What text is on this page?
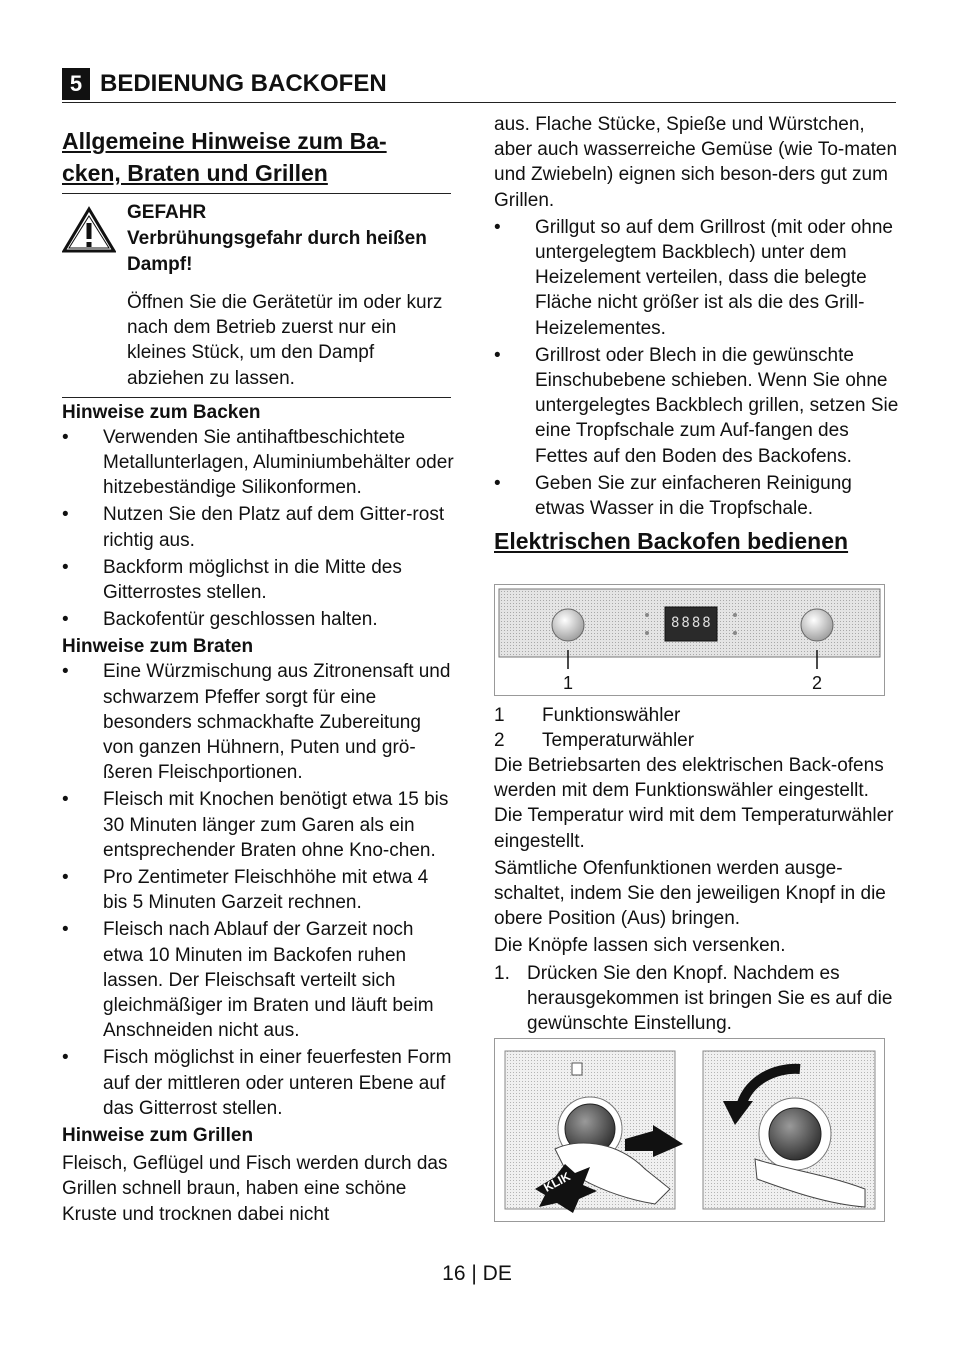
5 BEDIENUNG BACKOFEN
Allgemeine Hinweise zum Ba-
cken, Braten und Grillen
GEFAHR
Verbrühungsgefahr durch heißen Dampf!

Öffnen Sie die Gerätetür im oder kurz nach dem Betrieb zuerst nur ein kleines Stück, um den Dampf abziehen zu lassen.

Hinweise zum Backen
• Verwenden Sie antihaftbeschichtete Metallunterlagen, Aluminiumbehälter oder hitzebeständige Silikonformen.
• Nutzen Sie den Platz auf dem Gitter-rost richtig aus.
• Backform möglichst in die Mitte des Gitterrostes stellen.
• Backofentür geschlossen halten.
Hinweise zum Braten
• Eine Würzmischung aus Zitronensaft und schwarzem Pfeffer sorgt für eine besonders schmackhafte Zubereitung von ganzen Hühnern, Puten und grö-ßeren Fleischportionen.
• Fleisch mit Knochen benötigt etwa 15 bis 30 Minuten länger zum Garen als ein entsprechender Braten ohne Kno-chen.
• Pro Zentimeter Fleischhöhe mit etwa 4 bis 5 Minuten Garzeit rechnen.
• Fleisch nach Ablauf der Garzeit noch etwa 10 Minuten im Backofen ruhen lassen. Der Fleischsaft verteilt sich gleichmäßiger im Braten und läuft beim Anschneiden nicht aus.
• Fisch möglichst in einer feuerfesten Form auf der mittleren oder unteren Ebene auf das Gitterrost stellen.
Hinweise zum Grillen

Fleisch, Geflügel und Fisch werden durch das Grillen schnell braun, haben eine schöne Kruste und trocknen dabei nicht

aus. Flache Stücke, Spieße und Würstchen, aber auch wasserreiche Gemüse (wie To-maten und Zwiebeln) eignen sich beson-ders gut zum Grillen.

• Grillgut so auf dem Grillrost (mit oder ohne untergelegtem Backblech) unter dem Heizelement verteilen, dass die belegte Fläche nicht größer ist als die des Grill-Heizelementes.
• Grillrost oder Blech in die gewünschte Einschubebene schieben. Wenn Sie ohne untergelegtes Backblech grillen, setzen Sie eine Tropfschale zum Auf-fangen des Fettes auf den Boden des Backofens.
• Geben Sie zur einfacheren Reinigung etwas Wasser in die Tropfschale.
Elektrischen Backofen bedienen
8888
1	2
1 Funktionswähler
2 Temperaturwähler

Die Betriebsarten des elektrischen Back-ofens werden mit dem Funktionswähler eingestellt. Die Temperatur wird mit dem Temperaturwähler eingestellt.

Sämtliche Ofenfunktionen werden ausge-schaltet, indem Sie den jeweiligen Knopf in die obere Position (Aus) bringen.

Die Knöpfe lassen sich versenken.

1. Drücken Sie den Knopf. Nachdem es herausgekommen ist bringen Sie es auf die gewünschte Einstellung.

KLIK
16 | DE
